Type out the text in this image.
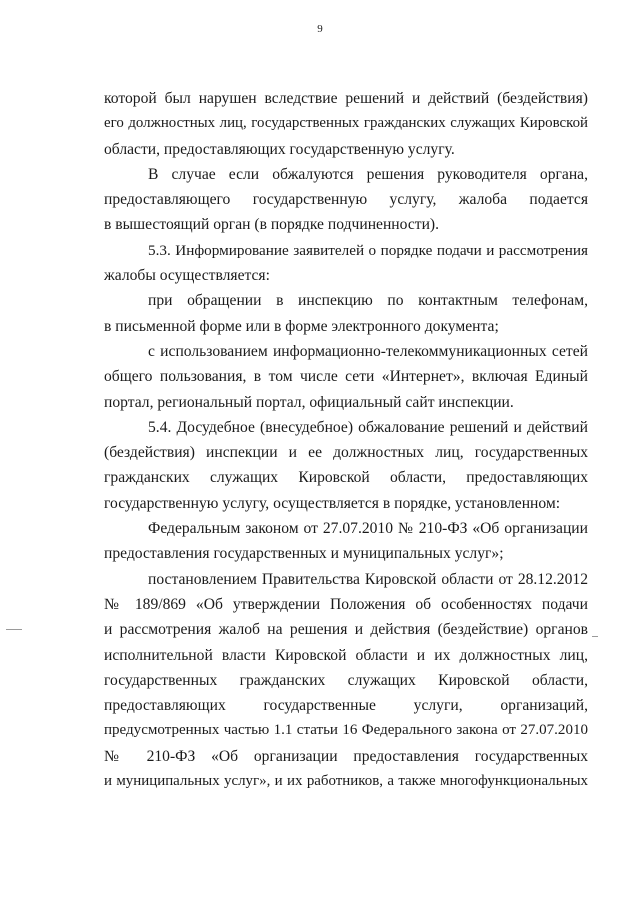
9
которой был нарушен вследствие решений и действий (бездействия)
его должностных лиц, государственных гражданских служащих Кировской
области, предоставляющих государственную услугу.
В случае если обжалуются решения руководителя органа,
предоставляющего государственную услугу, жалоба подается
в вышестоящий орган (в порядке подчиненности).
5.3. Информирование заявителей о порядке подачи и рассмотрения
жалобы осуществляется:
при обращении в инспекцию по контактным телефонам,
в письменной форме или в форме электронного документа;
с использованием информационно-телекоммуникационных сетей
общего пользования, в том числе сети «Интернет», включая Единый
портал, региональный портал, официальный сайт инспекции.
5.4. Досудебное (внесудебное) обжалование решений и действий
(бездействия) инспекции и ее должностных лиц, государственных
гражданских служащих Кировской области, предоставляющих
государственную услугу, осуществляется в порядке, установленном:
Федеральным законом от 27.07.2010 № 210-ФЗ «Об организации
предоставления государственных и муниципальных услуг»;
постановлением Правительства Кировской области от 28.12.2012
№ 189/869 «Об утверждении Положения об особенностях подачи
и рассмотрения жалоб на решения и действия (бездействие) органов
исполнительной власти Кировской области и их должностных лиц,
государственных гражданских служащих Кировской области,
предоставляющих государственные услуги, организаций,
предусмотренных частью 1.1 статьи 16 Федерального закона от 27.07.2010
№ 210-ФЗ «Об организации предоставления государственных
и муниципальных услуг», и их работников, а также многофункциональных
